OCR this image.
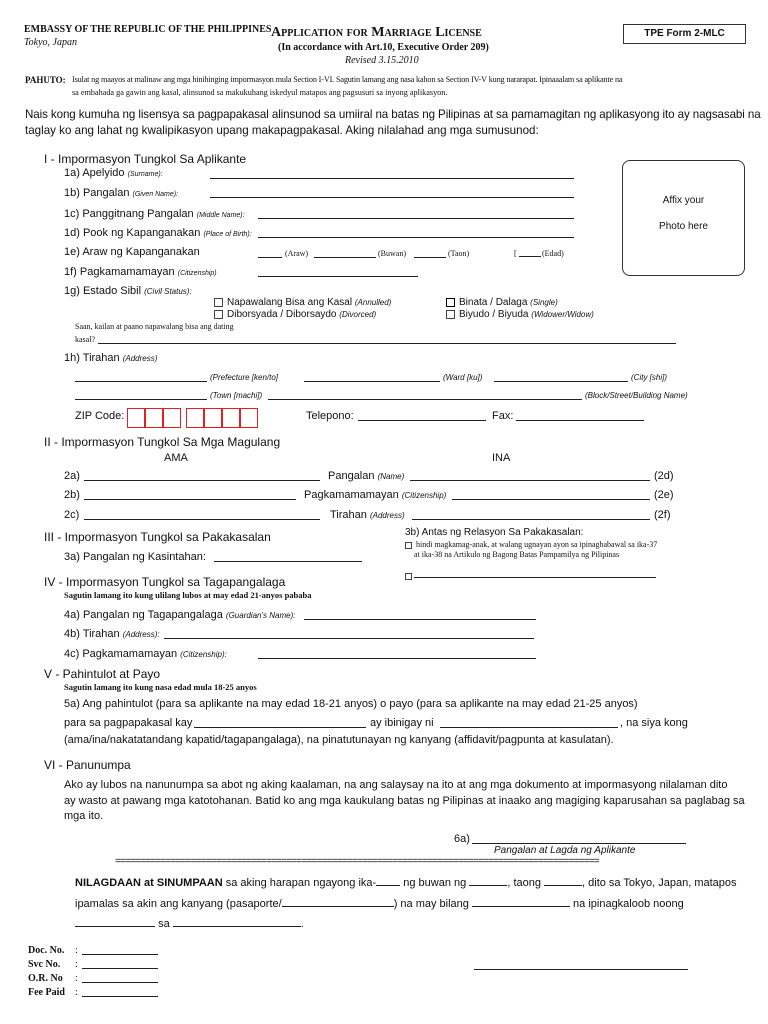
EMBASSY OF THE REPUBLIC OF THE PHILIPPINES
Tokyo, Japan
Application for Marriage License
(In accordance with Art.10, Executive Order 209)
Revised 3.15.2010
TPE Form 2-MLC
PAHUTO: Isulat ng maayos at malinaw ang mga hinihinging impormasyon mula Section I-VI. Sagutin lamang ang nasa kahon sa Section IV-V kung nararapat. Ipinaaalam sa aplikante na
sa embahada ga gawin ang kasal, alinsunod sa makukuhang iskedyul matapos ang pagsusuri sa inyong aplikasyon.
Nais kong kumuha ng lisensya sa pagpapakasal alinsunod sa umiiral na batas ng Pilipinas at sa pamamagitan ng aplikasyong ito ay nagsasabi na
taglay ko ang lahat ng kwalipikasyon upang makapagpakasal. Aking nilalahad ang mga sumusunod:
Affix your
Photo here
I - Impormasyon Tungkol Sa Aplikante
1a) Apelyido (Surname):
1b) Pangalan (Given Name):
1c) Panggitnang Pangalan (Middle Name):
1d) Pook ng Kapanganakan (Place of Birth):
1e) Araw ng Kapanganakan	(Araw)	(Buwan)	(Taon)	[	(Edad)
1f) Pagkamamamayan (Citizenship)
1g) Estado Sibil (Civil Status):
Napawalang Bisa ang Kasal (Annulled)
Diborsyada / Diborsaydo (Divorced)
Binata / Dalaga (Single)
Biyudo / Biyuda (Widower/Widow)
Saan, kailan at paano napawalang bisa ang dating
kasal?
1h) Tirahan (Address)
(Prefecture [ken/to]	(Ward [ku])	(City [shi])
(Town [machi])	(Block/Street/Building Name)
ZIP Code:	Telepono:	Fax:
II - Impormasyon Tungkol Sa Mga Magulang
AMA	INA
2a)	Pangalan (Name)	(2d)
2b)	Pagkamamamayan (Citizenship)	(2e)
2c)	Tirahan (Address)	(2f)
III - Impormasyon Tungkol sa Pakakasalan
3a) Pangalan ng Kasintahan:
3b) Antas ng Relasyon Sa Pakakasalan:
hindi magkamag-anak, at walang ugnayan ayon sa ipinagbabawal sa ika-37
at ika-38 na Artikulo ng Bagong Batas Pampamilya ng Pilipinas
IV - Impormasyon Tungkol sa Tagapangalaga
Sagutin lamang ito kung ulilang lubos at may edad 21-anyos pababa
4a) Pangalan ng Tagapangalaga (Guardian's Name):
4b) Tirahan (Address):
4c) Pagkamamamayan (Citizenship):
V - Pahintulot at Payo
Sagutin lamang ito kung nasa edad mula 18-25 anyos
5a) Ang pahintulot (para sa aplikante na may edad 18-21 anyos) o payo (para sa aplikante na may edad 21-25 anyos)
para sa pagpapakasal kay	ay ibinigay ni	, na siya kong
(ama/ina/nakatatandang kapatid/tagapangalaga), na pinatutunayan ng kanyang (affidavit/pagpunta at kasulatan).
VI - Panunumpa
Ako ay lubos na nanunumpa sa abot ng aking kaalaman, na ang salaysay na ito at ang mga dokumento at impormasyong nilalaman dito
ay wasto at pawang mga katotohanan. Batid ko ang mga kaukulang batas ng Pilipinas at inaako ang magiging kaparusahan sa paglabag sa
mga ito.
6a)
Pangalan at Lagda ng Aplikante
================================================================================================
NILAGDAAN at SINUMPAAN sa aking harapan ngayong ika- ng buwan ng	, taong	, dito sa Tokyo, Japan, matapos
ipamalas sa akin ang kanyang (pasaporte/	) na may bilang	na ipinagkaloob noong
sa	.
Doc. No. :
Svc No. :
O.R. No :
Fee Paid :
